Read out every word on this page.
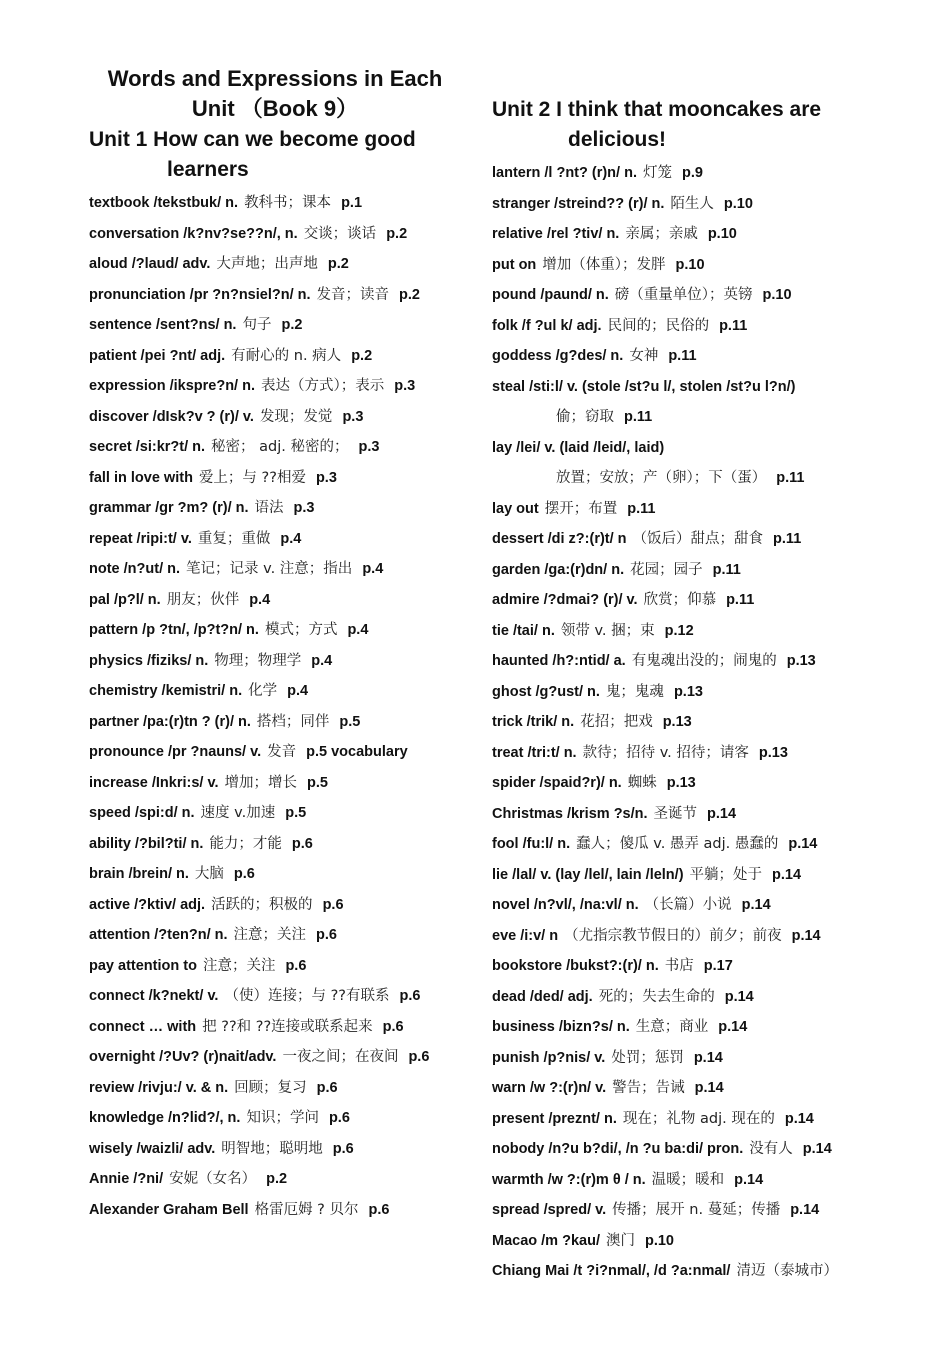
Words and Expressions in Each
Unit （Book 9）
Unit 1 How can we become good
learners
textbook /tekstbuk/ n. 教科书；课本 p.1
conversation /k?nv?sе??n/, n. 交谈；谈话 p.2
aloud /?laud/ adv. 大声地；出声地 p.2
pronunciation /pr ?n?nsiel?n/ n. 发音；读音 p.2
sentence /sent?ns/ n. 句子 p.2
patient /pei ?nt/ adj. 有耐心的 n. 病人 p.2
expression /ikspre?n/ n. 表达（方式）；表示 p.3
discover /dIsk?v ? (r)/ v. 发现；发觉 p.3
secret /si:kr?t/ n. 秘密； adj. 秘密的； p.3
fall in love with 爱上；与 ??相爱 p.3
grammar /gr ?m? (r)/ n. 语法 p.3
repeat /ripi:t/ v. 重复；重做 p.4
note /n?ut/ n. 笔记；记录 v. 注意；指出 p.4
pal /p?l/ n. 朋友；伙伴 p.4
pattern /p ?tn/, /p?t?n/ n. 模式；方式 p.4
physics /fiziks/ n. 物理；物理学 p.4
chemistry /kemistri/ n. 化学 p.4
partner /pa:(r)tn ? (r)/ n. 搭档；同伴 p.5
pronounce /pr ?nauns/ v. 发音 p.5 vocabulary
increase /Inkri:s/ v. 增加；增长 p.5
speed /spi:d/ n. 速度 v.加速 p.5
ability /?bil?ti/ n. 能力；才能 p.6
brain /brein/ n. 大脑 p.6
active /?ktiv/ adj. 活跃的；积极的 p.6
attention /?ten?n/ n. 注意；关注 p.6
pay attention to 注意；关注 p.6
connect /k?nekt/ v. （使）连接；与 ??有联系 p.6
connect … with 把 ??和 ??连接或联系起来 p.6
overnight /?Uv? (r)nait/adv. 一夜之间；在夜间 p.6
review /rivju:/ v. & n. 回顾；复习 p.6
knowledge /n?lid?/, n. 知识；学问 p.6
wisely /waizli/ adv. 明智地；聪明地 p.6
Annie /?ni/ 安妮（女名） p.2
Alexander Graham Bell 格雷厄姆 ? 贝尔 p.6
Unit 2 I think that mooncakes are
delicious!
lantern /l ?nt? (r)n/ n. 灯笼 p.9
stranger /streind?? (r)/ n. 陌生人 p.10
relative /rel ?tiv/ n. 亲属；亲戚 p.10
put on 增加（体重）；发胖 p.10
pound /paund/ n. 磅（重量单位）；英镑 p.10
folk /f ?ul k/ adj. 民间的；民俗的 p.11
goddess /g?des/ n. 女神 p.11
steal /sti:l/ v. (stole /st?u l/, stolen /st?u l?n/)
偷；窃取 p.11
lay /lei/ v. (laid /leid/, laid)
放置；安放；产（卵）；下（蛋） p.11
lay out 摆开；布置 p.11
dessert /di z?:(r)t/ n （饭后）甜点；甜食 p.11
garden /ga:(r)dn/ n. 花园；园子 p.11
admire /?dmai? (r)/ v. 欣赏；仰慕 p.11
tie /tai/ n. 领带 v. 捆；束 p.12
haunted /h?:ntid/ a. 有鬼魂出没的；闹鬼的 p.13
ghost /g?ust/ n. 鬼；鬼魂 p.13
trick /trik/ n. 花招；把戏 p.13
treat /tri:t/ n. 款待；招待 v. 招待；请客 p.13
spider /spaid?r)/ n. 蜘蛛 p.13
Christmas /krism ?s/n. 圣诞节 p.14
fool /fu:l/ n. 蠢人；傻瓜 v. 愚弄 adj. 愚蠢的 p.14
lie /lal/ v. (lay /lel/, lain /leln/) 平躺；处于 p.14
novel /n?vl/, /na:vl/ n. （长篇）小说 p.14
eve /i:v/ n （尤指宗教节假日的）前夕；前夜 p.14
bookstore /bukst?:(r)/ n. 书店 p.17
dead /ded/ adj. 死的；失去生命的 p.14
business /bizn?s/ n. 生意；商业 p.14
punish /p?nis/ v. 处罚；惩罚 p.14
warn /w ?:(r)n/ v. 警告；告诫 p.14
present /preznt/ n. 现在；礼物 adj. 现在的 p.14
nobody /n?u b?di/, /n ?u ba:di/ pron. 没有人 p.14
warmth /w ?:(r)m θ / n. 温暖；暖和 p.14
spread /spred/ v. 传播；展开 n. 蔓延；传播 p.14
Macao /m ?kau/ 澳门 p.10
Chiang Mai /t ?i?nmal/, /d ?a:nmal/ 清迈（泰城市）
